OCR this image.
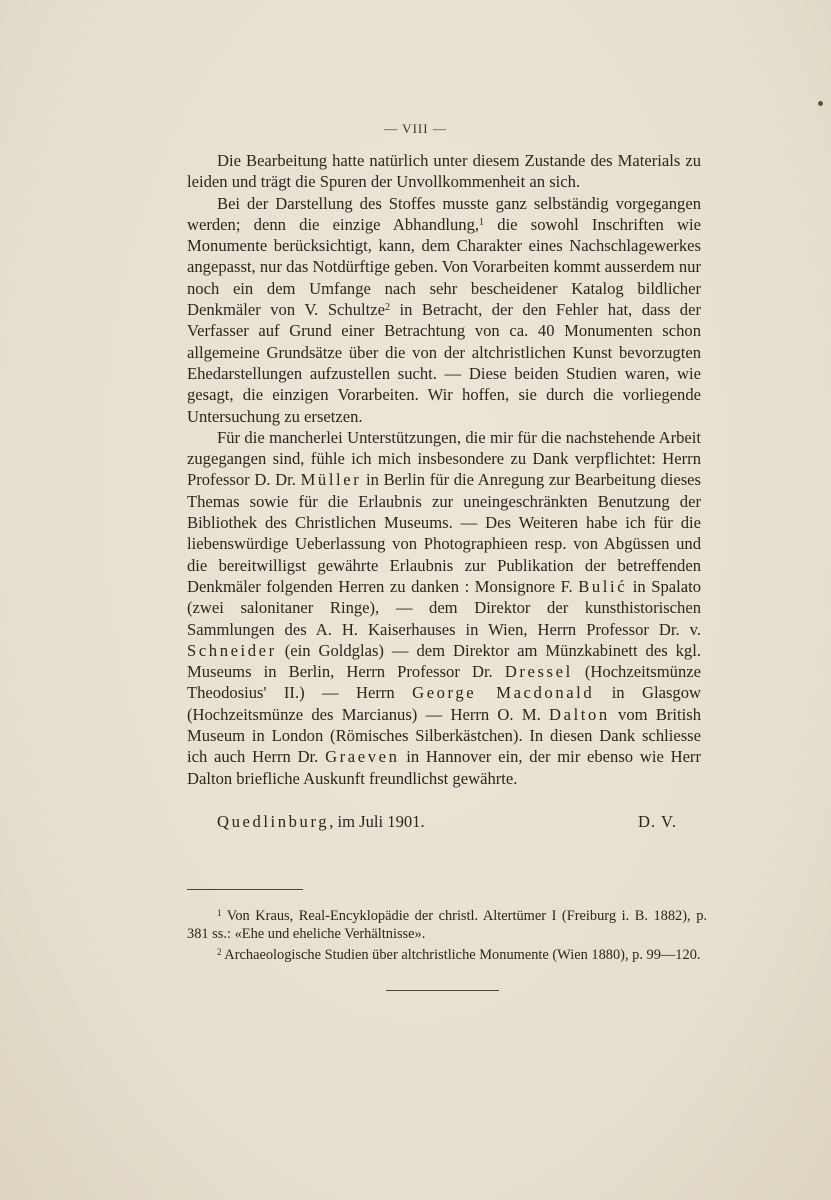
— VIII —

Die Bearbeitung hatte natürlich unter diesem Zustande des Materials zu leiden und trägt die Spuren der Unvollkommenheit an sich.

Bei der Darstellung des Stoffes musste ganz selbständig vorgegangen werden; denn die einzige Abhandlung,$^1$ die sowohl Inschriften wie Monumente berücksichtigt, kann, dem Charakter eines Nachschlagewerkes angepasst, nur das Notdürftige geben. Von Vorarbeiten kommt ausserdem nur noch ein dem Umfange nach sehr bescheidener Katalog bildlicher Denkmäler von V. Schultze$^2$ in Betracht, der den Fehler hat, dass der Verfasser auf Grund einer Betrachtung von ca. 40 Monumenten schon allgemeine Grundsätze über die von der altchristlichen Kunst bevorzugten Ehedarstellungen aufzustellen sucht. — Diese beiden Studien waren, wie gesagt, die einzigen Vorarbeiten. Wir hoffen, sie durch die vorliegende Untersuchung zu ersetzen.

Für die mancherlei Unterstützungen, die mir für die nachstehende Arbeit zugegangen sind, fühle ich mich insbesondere zu Dank verpflichtet: Herrn Professor D. Dr. Müller in Berlin für die Anregung zur Bearbeitung dieses Themas sowie für die Erlaubnis zur uneingeschränkten Benutzung der Bibliothek des Christlichen Museums. — Des Weiteren habe ich für die liebenswürdige Ueberlassung von Photographieen resp. von Abgüssen und die bereitwilligst gewährte Erlaubnis zur Publikation der betreffenden Denkmäler folgenden Herren zu danken : Monsignore F. Bulić in Spalato (zwei salonitaner Ringe), — dem Direktor der kunsthistorischen Sammlungen des A. H. Kaiserhauses in Wien, Herrn Professor Dr. v. Schneider (ein Goldglas) — dem Direktor am Münzkabinett des kgl. Museums in Berlin, Herrn Professor Dr. Dressel (Hochzeitsmünze Theodosius' II.) — Herrn George Macdonald in Glasgow (Hochzeitsmünze des Marcianus) — Herrn O. M. Dalton vom British Museum in London (Römisches Silberkästchen). In diesen Dank schliesse ich auch Herrn Dr. Graeven in Hannover ein, der mir ebenso wie Herr Dalton briefliche Auskunft freundlichst gewährte.

Quedlinburg, im Juli 1901.	D. V.

$^1$ Von Kraus, Real-Encyklopädie der christl. Altertümer I (Freiburg i. B. 1882), p. 381 ss.: «Ehe und eheliche Verhältnisse».

$^2$ Archaeologische Studien über altchristliche Monumente (Wien 1880), p. 99—120.
